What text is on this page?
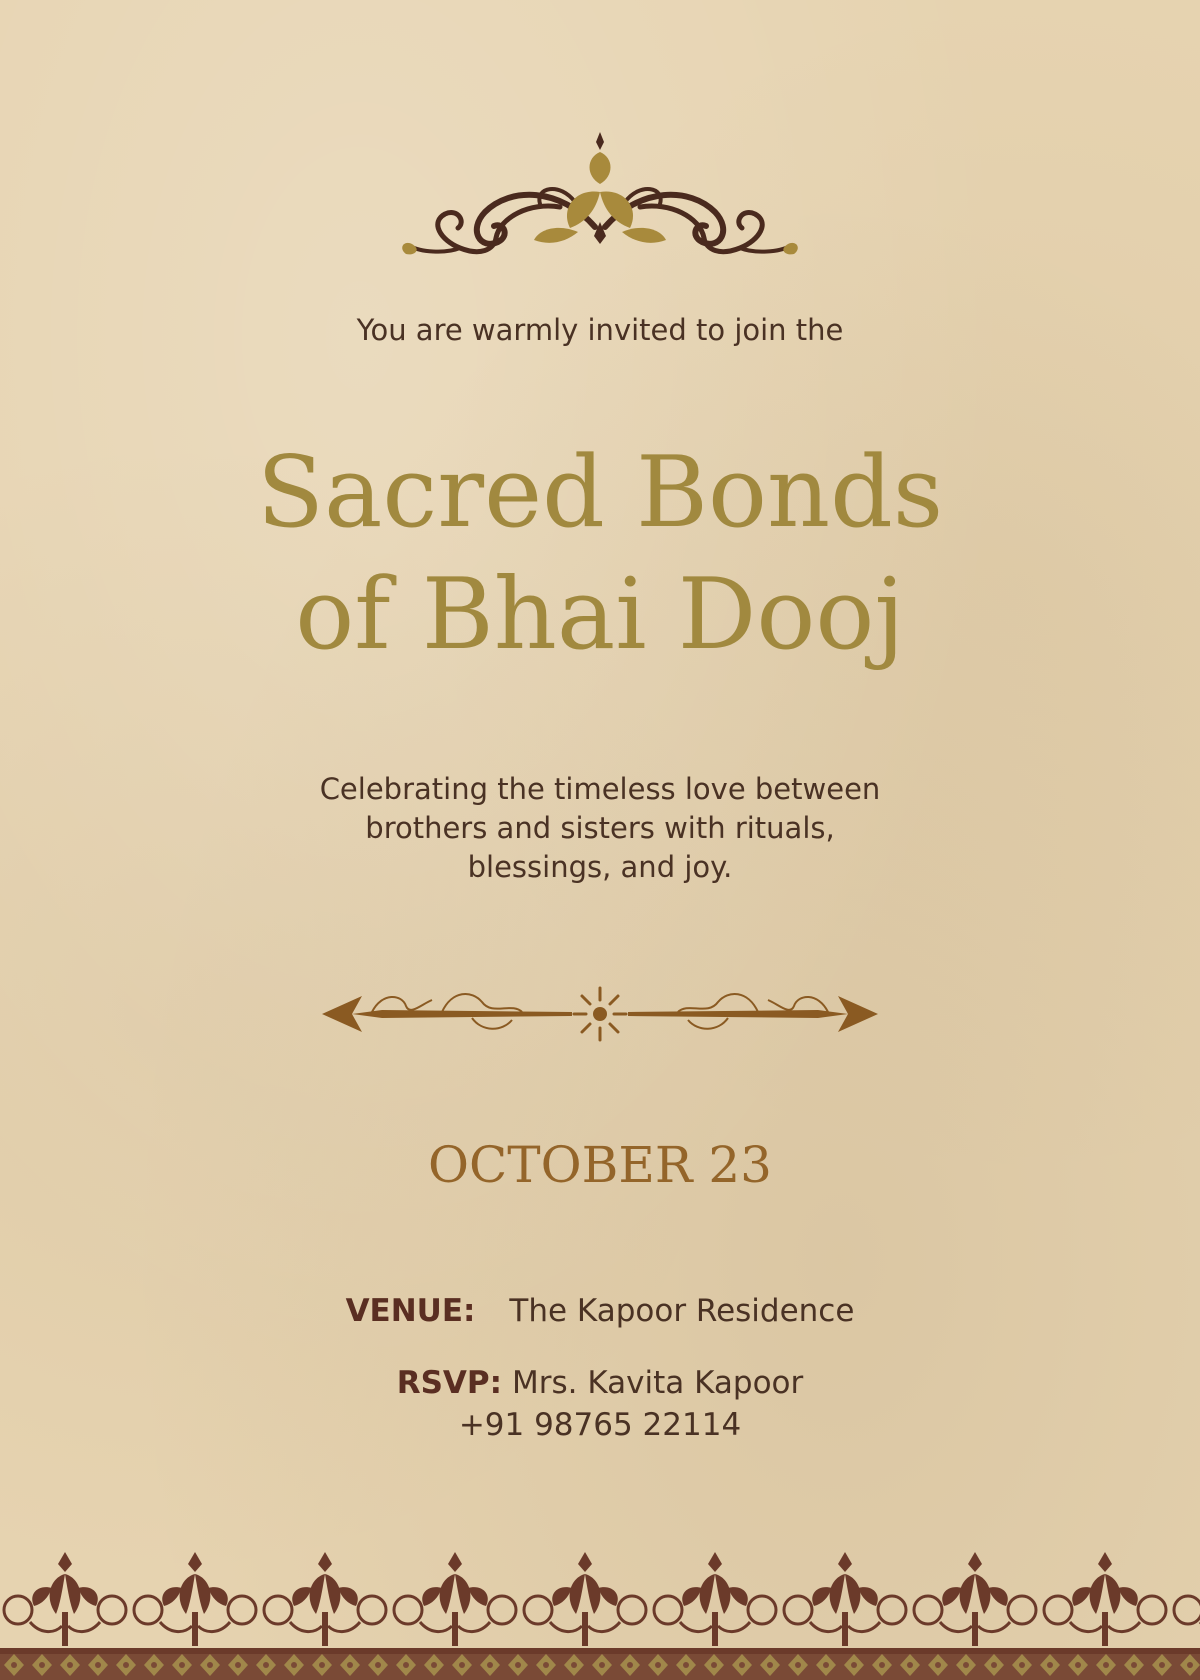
You are warmly invited to join the
Sacred Bonds
of Bhai Dooj
Celebrating the timeless love between brothers and sisters with rituals, blessings, and joy.
OCTOBER 23
VENUE: The Kapoor Residence
RSVP: Mrs. Kavita Kapoor
+91 98765 22114
